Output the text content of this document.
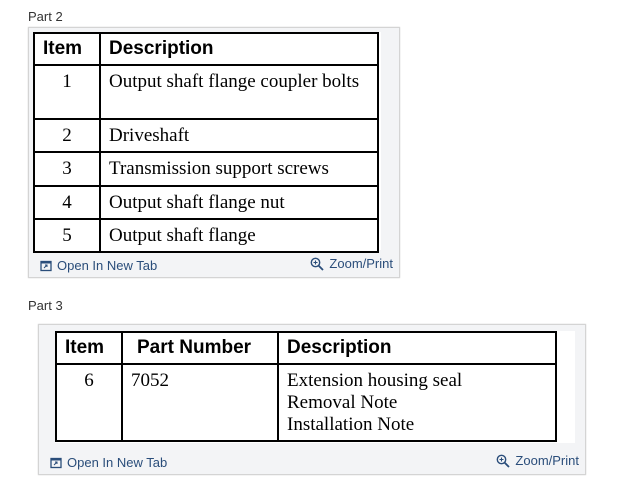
Part 2
Item	Description
1	Output shaft flange coupler bolts
2	Driveshaft
3	Transmission support screws
4	Output shaft flange nut
5	Output shaft flange
Open In New Tab	Zoom/Print
Part 3
Item	Part Number	Description
6	7052	Extension housing seal
Removal Note
Installation Note
Open In New Tab	Zoom/Print
